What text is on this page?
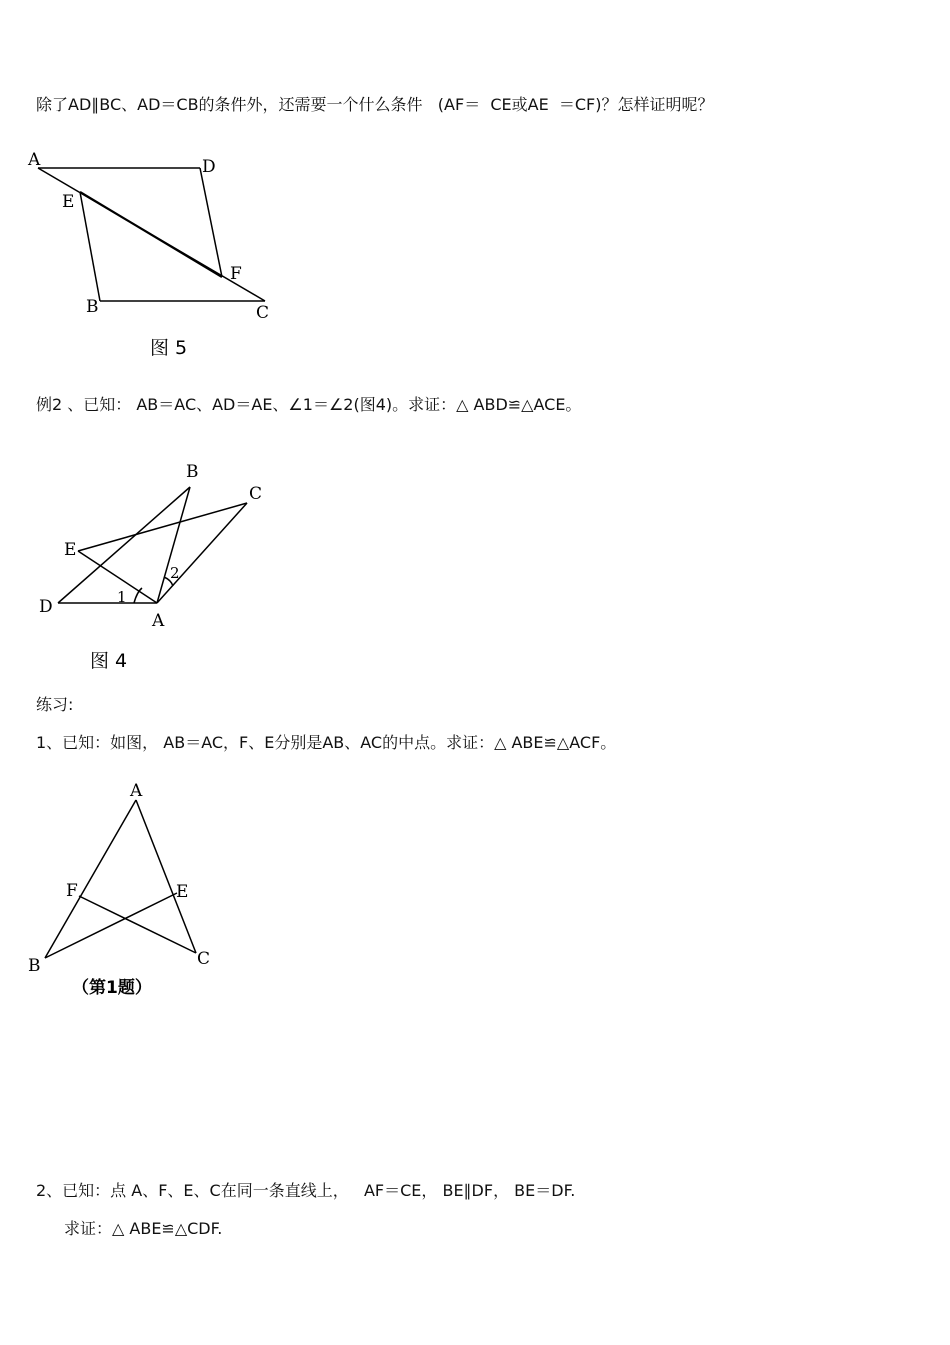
除了AD∥BC、AD＝CB的条件外，还需要一个什么条件   (AF＝  CE或AE  ＝CF)？怎样证明呢？
A	D
E
F
B	C
图 5
例2 、已知： AB＝AC、AD＝AE、∠1＝∠2(图4)。求证：△ ABD≌△ACE。
B
C
E
D
A
1
2
图 4
练习:
1、已知：如图， AB＝AC，F、E分别是AB、AC的中点。求证：△ ABE≌△ACF。
A
F	E
B	C
（第1题）
2、已知：点 A、F、E、C在同一条直线上，   AF＝CE， BE∥DF， BE＝DF.
求证：△ ABE≌△CDF.
